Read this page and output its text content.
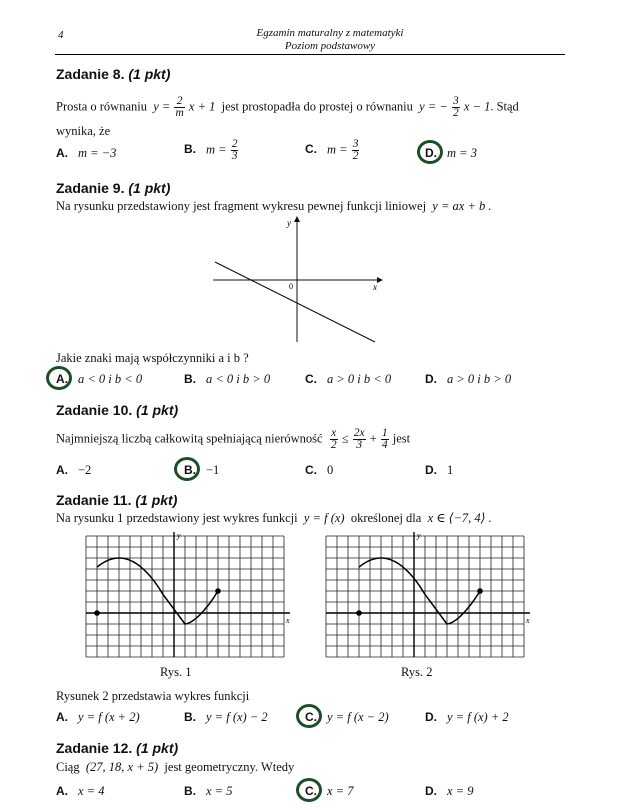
4	Egzamin maturalny z matematyki
Poziom podstawowy
Zadanie 8. (1 pkt)
Prosta o równaniu $y = \frac{2}{m}$ x + 1 jest prostopadła do prostej o równaniu y = − $\frac{3}{2}$ x − 1. Stąd
wynika, że
A. m = −3	B. $m = \frac{2}{3}$	C. $m = \frac{3}{2}$	D. m = 3
Zadanie 9. (1 pkt)
Na rysunku przedstawiony jest fragment wykresu pewnej funkcji liniowej y = ax + b .
x
y
0
Jakie znaki mają współczynniki a i b ?
A. a < 0 i b < 0	B. a < 0 i b > 0	C. a > 0 i b < 0	D. a > 0 i b > 0
Zadanie 10. (1 pkt)
Najmniejszą liczbą całkowitą spełniającą nierówność $\frac{x}{2} \le \frac{2x}{3} + \frac{1}{4}$ jest
A. −2	B. −1	C. 0	D. 1
Zadanie 11. (1 pkt)
Na rysunku 1 przedstawiony jest wykres funkcji y = f (x) określonej dla x ∈ ⟨−7, 4⟩ .
x
y
x
y
Rys. 1	Rys. 2
Rysunek 2 przedstawia wykres funkcji
A. y = f (x + 2)	B. y = f (x) − 2	C. y = f (x − 2)	D. y = f (x) + 2
Zadanie 12. (1 pkt)
Ciąg (27, 18, x + 5) jest geometryczny. Wtedy
A. x = 4	B. x = 5	C. x = 7	D. x = 9
